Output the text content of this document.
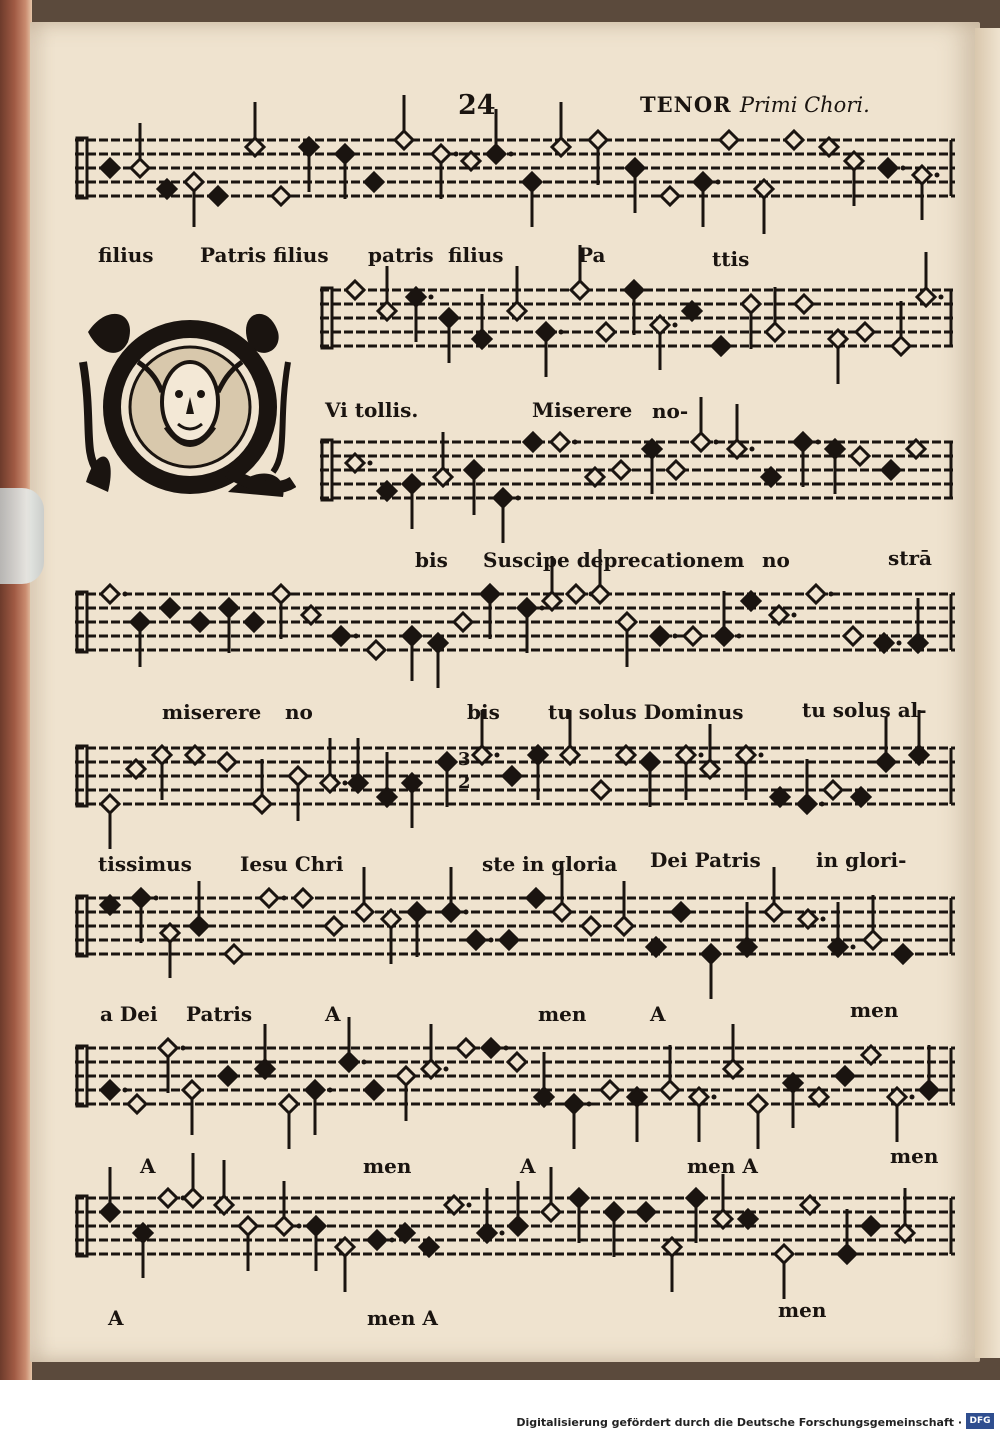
24	TENOR Primi Chori.
3
2
filius Patris filius patris filius	Pa	ttis
Vi tollis.	Miserere no-
bis Suscipe deprecationem no	strā
miserere no	bis tu solus Dominus	tu solus al-
tissimus Iesu Chri	ste in gloria Dei Patris	in glori-
a Dei Patris	A	men	A	men
A	men	A	men A	men
A	men A	men
Digitalisierung gefördert durch die Deutsche Forschungsgemeinschaft · DFG
